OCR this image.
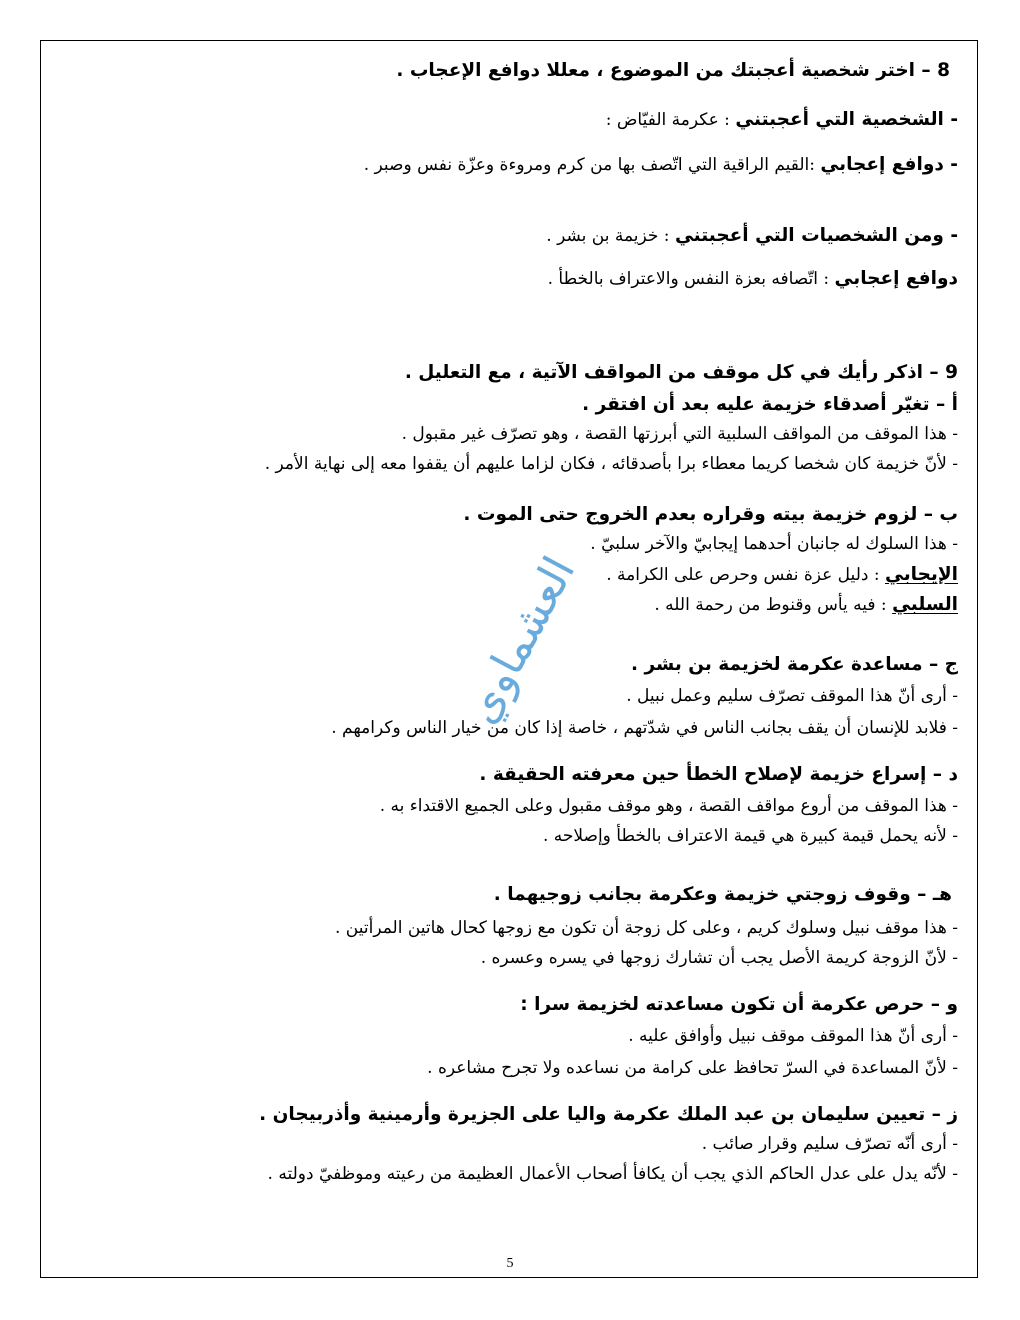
8 – اختر شخصية أعجبتك من الموضوع ، معللا دوافع الإعجاب .
- الشخصية التي أعجبتني : عكرمة الفيّاض :
- دوافع إعجابي :القيم الراقية التي اتّصف بها من كرم ومروءة وعزّة نفس وصبر .
- ومن الشخصيات التي أعجبتني : خزيمة بن بشر .
دوافع إعجابي : اتّصافه بعزة النفس والاعتراف بالخطأ .
9 – اذكر رأيك في كل موقف من المواقف الآتية ، مع التعليل .
أ – تغيّر أصدقاء خزيمة عليه بعد أن افتقر .
- هذا الموقف من المواقف السلبية التي أبرزتها القصة ، وهو تصرّف غير مقبول .
- لأنّ خزيمة كان شخصا كريما معطاء برا بأصدقائه ، فكان لزاما عليهم أن يقفوا معه إلى نهاية الأمر .
ب – لزوم خزيمة بيته وقراره بعدم الخروج حتى الموت .
- هذا السلوك له جانبان أحدهما إيجابيّ والآخر سلبيّ .
الإيجابي : دليل عزة نفس وحرص على الكرامة .
السلبي : فيه يأس وقنوط من رحمة الله .
ج – مساعدة عكرمة لخزيمة بن بشر .
- أرى أنّ هذا الموقف تصرّف سليم وعمل نبيل .
- فلابد للإنسان أن يقف بجانب الناس في شدّتهم ، خاصة إذا كان من خيار الناس وكرامهم .
د – إسراع خزيمة لإصلاح الخطأ حين معرفته الحقيقة .
- هذا الموقف من أروع مواقف القصة ، وهو موقف مقبول وعلى الجميع الاقتداء به .
- لأنه يحمل قيمة كبيرة هي قيمة الاعتراف بالخطأ وإصلاحه .
هـ – وقوف زوجتي خزيمة وعكرمة بجانب زوجيهما .
- هذا موقف نبيل وسلوك كريم ، وعلى كل زوجة أن تكون مع زوجها كحال هاتين المرأتين .
- لأنّ الزوجة كريمة الأصل يجب أن تشارك زوجها في يسره وعسره .
و – حرص عكرمة أن تكون مساعدته لخزيمة سرا :
- أرى أنّ هذا الموقف موقف نبيل وأوافق عليه .
- لأنّ المساعدة في السرّ تحافظ على كرامة من نساعده ولا تجرح مشاعره .
ز – تعيين سليمان بن عبد الملك عكرمة واليا على الجزيرة وأرمينية وأذربيجان .
- أرى أنّه تصرّف سليم وقرار صائب .
- لأنّه يدل على عدل الحاكم الذي يجب أن يكافأ أصحاب الأعمال العظيمة من رعيته وموظفيّ دولته .
العشماوي
5
